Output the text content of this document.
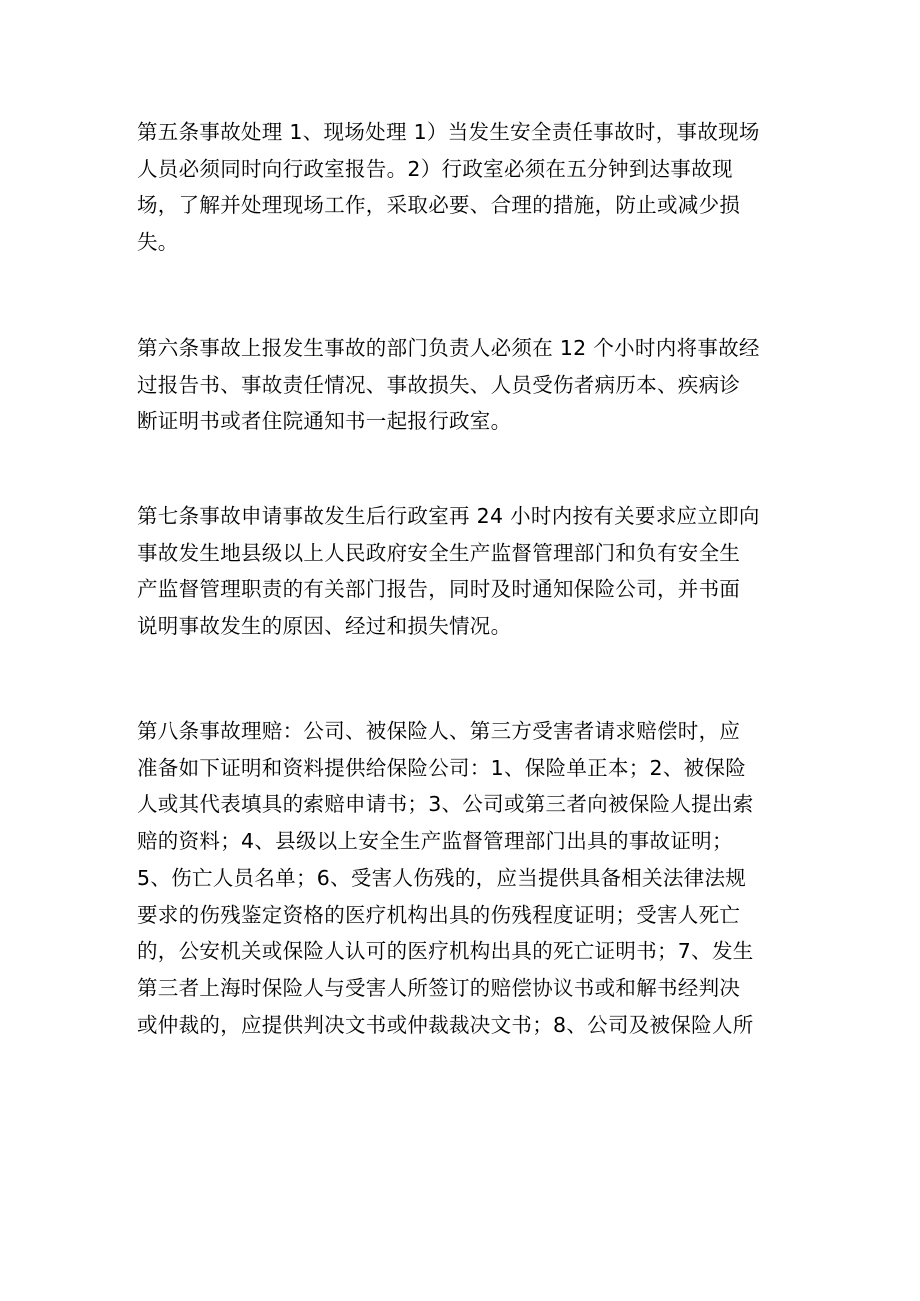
第五条事故处理 1、现场处理 1）当发生安全责任事故时，事故现场
人员必须同时向行政室报告。2）行政室必须在五分钟到达事故现
场，了解并处理现场工作，采取必要、合理的措施，防止或减少损
失。
第六条事故上报发生事故的部门负责人必须在 12 个小时内将事故经
过报告书、事故责任情况、事故损失、人员受伤者病历本、疾病诊
断证明书或者住院通知书一起报行政室。
第七条事故申请事故发生后行政室再 24 小时内按有关要求应立即向
事故发生地县级以上人民政府安全生产监督管理部门和负有安全生
产监督管理职责的有关部门报告，同时及时通知保险公司，并书面
说明事故发生的原因、经过和损失情况。
第八条事故理赔：公司、被保险人、第三方受害者请求赔偿时，应
准备如下证明和资料提供给保险公司：1、保险单正本；2、被保险
人或其代表填具的索赔申请书；3、公司或第三者向被保险人提出索
赔的资料；4、县级以上安全生产监督管理部门出具的事故证明；
5、伤亡人员名单；6、受害人伤残的，应当提供具备相关法律法规
要求的伤残鉴定资格的医疗机构出具的伤残程度证明；受害人死亡
的，公安机关或保险人认可的医疗机构出具的死亡证明书；7、发生
第三者上海时保险人与受害人所签订的赔偿协议书或和解书经判决
或仲裁的，应提供判决文书或仲裁裁决文书；8、公司及被保险人所
